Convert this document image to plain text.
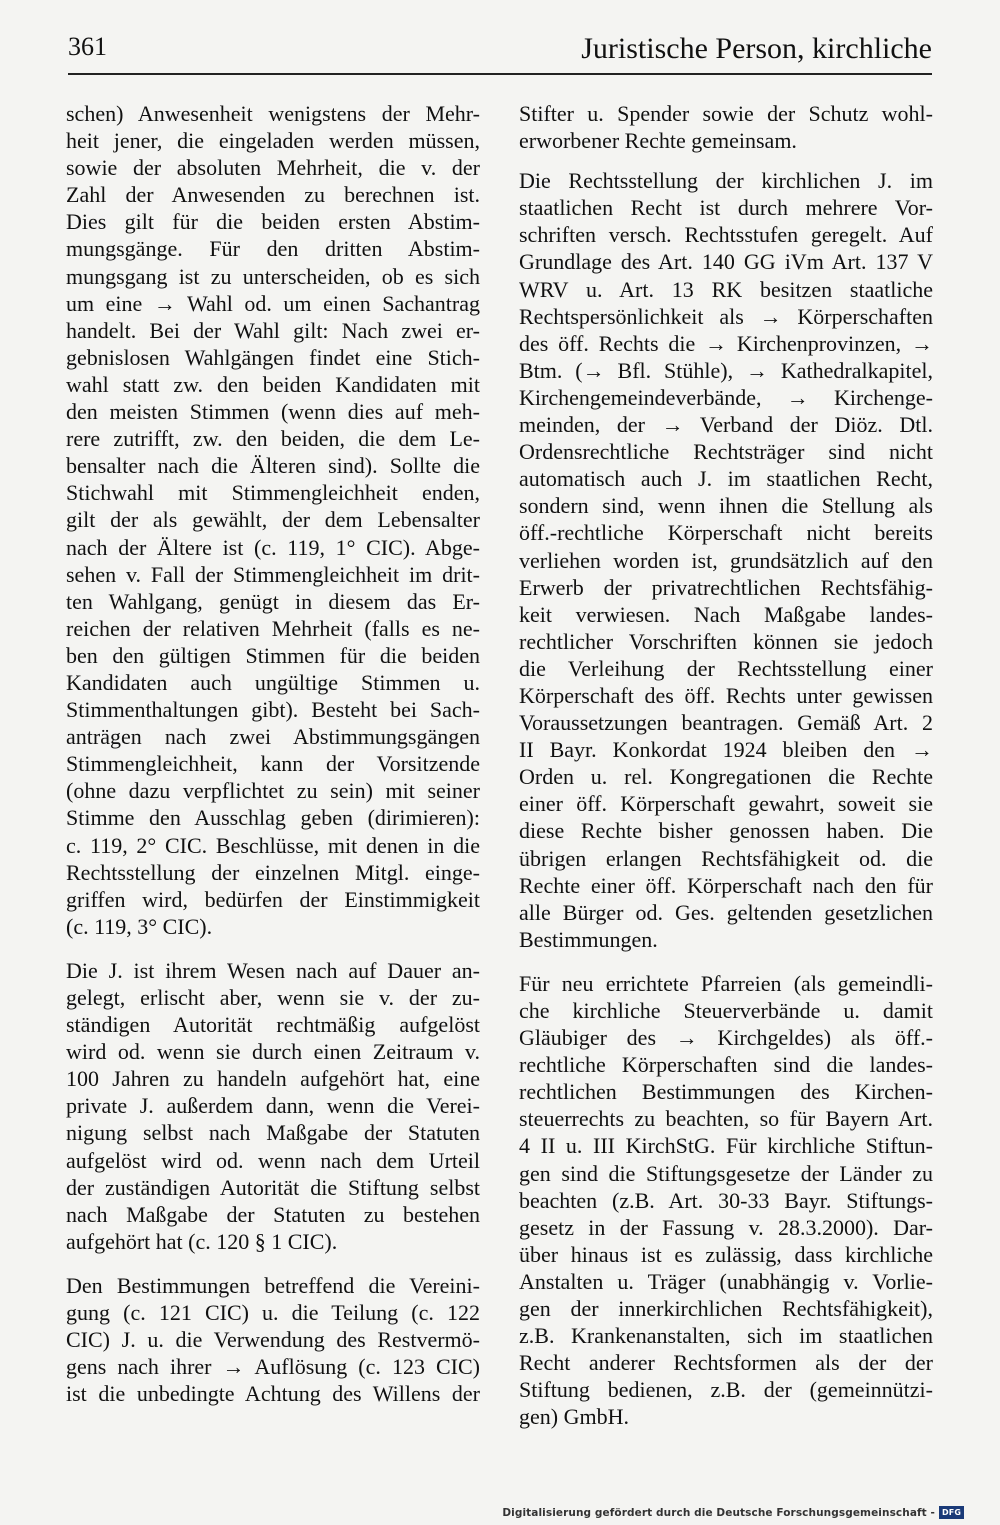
361	Juristische Person, kirchliche
schen) Anwesenheit wenigstens der Mehr-
heit jener, die eingeladen werden müssen,
sowie der absoluten Mehrheit, die v. der
Zahl der Anwesenden zu berechnen ist.
Dies gilt für die beiden ersten Abstim-
mungsgänge. Für den dritten Abstim-
mungsgang ist zu unterscheiden, ob es sich
um eine → Wahl od. um einen Sachantrag
handelt. Bei der Wahl gilt: Nach zwei er-
gebnislosen Wahlgängen findet eine Stich-
wahl statt zw. den beiden Kandidaten mit
den meisten Stimmen (wenn dies auf meh-
rere zutrifft, zw. den beiden, die dem Le-
bensalter nach die Älteren sind). Sollte die
Stichwahl mit Stimmengleichheit enden,
gilt der als gewählt, der dem Lebensalter
nach der Ältere ist (c. 119, 1° CIC). Abge-
sehen v. Fall der Stimmengleichheit im drit-
ten Wahlgang, genügt in diesem das Er-
reichen der relativen Mehrheit (falls es ne-
ben den gültigen Stimmen für die beiden
Kandidaten auch ungültige Stimmen u.
Stimmenthaltungen gibt). Besteht bei Sach-
anträgen nach zwei Abstimmungsgängen
Stimmengleichheit, kann der Vorsitzende
(ohne dazu verpflichtet zu sein) mit seiner
Stimme den Ausschlag geben (dirimieren):
c. 119, 2° CIC. Beschlüsse, mit denen in die
Rechtsstellung der einzelnen Mitgl. einge-
griffen wird, bedürfen der Einstimmigkeit
(c. 119, 3° CIC).
Die J. ist ihrem Wesen nach auf Dauer an-
gelegt, erlischt aber, wenn sie v. der zu-
ständigen Autorität rechtmäßig aufgelöst
wird od. wenn sie durch einen Zeitraum v.
100 Jahren zu handeln aufgehört hat, eine
private J. außerdem dann, wenn die Verei-
nigung selbst nach Maßgabe der Statuten
aufgelöst wird od. wenn nach dem Urteil
der zuständigen Autorität die Stiftung selbst
nach Maßgabe der Statuten zu bestehen
aufgehört hat (c. 120 § 1 CIC).
Den Bestimmungen betreffend die Vereini-
gung (c. 121 CIC) u. die Teilung (c. 122
CIC) J. u. die Verwendung des Restvermö-
gens nach ihrer → Auflösung (c. 123 CIC)
ist die unbedingte Achtung des Willens der
Stifter u. Spender sowie der Schutz wohl-
erworbener Rechte gemeinsam.
Die Rechtsstellung der kirchlichen J. im
staatlichen Recht ist durch mehrere Vor-
schriften versch. Rechtsstufen geregelt. Auf
Grundlage des Art. 140 GG iVm Art. 137 V
WRV u. Art. 13 RK besitzen staatliche
Rechtspersönlichkeit als → Körperschaften
des öff. Rechts die → Kirchenprovinzen, →
Btm. (→ Bfl. Stühle), → Kathedralkapitel,
Kirchengemeindeverbände, → Kirchenge-
meinden, der → Verband der Diöz. Dtl.
Ordensrechtliche Rechtsträger sind nicht
automatisch auch J. im staatlichen Recht,
sondern sind, wenn ihnen die Stellung als
öff.-rechtliche Körperschaft nicht bereits
verliehen worden ist, grundsätzlich auf den
Erwerb der privatrechtlichen Rechtsfähig-
keit verwiesen. Nach Maßgabe landes-
rechtlicher Vorschriften können sie jedoch
die Verleihung der Rechtsstellung einer
Körperschaft des öff. Rechts unter gewissen
Voraussetzungen beantragen. Gemäß Art. 2
II Bayr. Konkordat 1924 bleiben den →
Orden u. rel. Kongregationen die Rechte
einer öff. Körperschaft gewahrt, soweit sie
diese Rechte bisher genossen haben. Die
übrigen erlangen Rechtsfähigkeit od. die
Rechte einer öff. Körperschaft nach den für
alle Bürger od. Ges. geltenden gesetzlichen
Bestimmungen.
Für neu errichtete Pfarreien (als gemeindli-
che kirchliche Steuerverbände u. damit
Gläubiger des → Kirchgeldes) als öff.-
rechtliche Körperschaften sind die landes-
rechtlichen Bestimmungen des Kirchen-
steuerrechts zu beachten, so für Bayern Art.
4 II u. III KirchStG. Für kirchliche Stiftun-
gen sind die Stiftungsgesetze der Länder zu
beachten (z.B. Art. 30-33 Bayr. Stiftungs-
gesetz in der Fassung v. 28.3.2000). Dar-
über hinaus ist es zulässig, dass kirchliche
Anstalten u. Träger (unabhängig v. Vorlie-
gen der innerkirchlichen Rechtsfähigkeit),
z.B. Krankenanstalten, sich im staatlichen
Recht anderer Rechtsformen als der der
Stiftung bedienen, z.B. der (gemeinnützi-
gen) GmbH.
Digitalisierung gefördert durch die Deutsche Forschungsgemeinschaft - DFG
